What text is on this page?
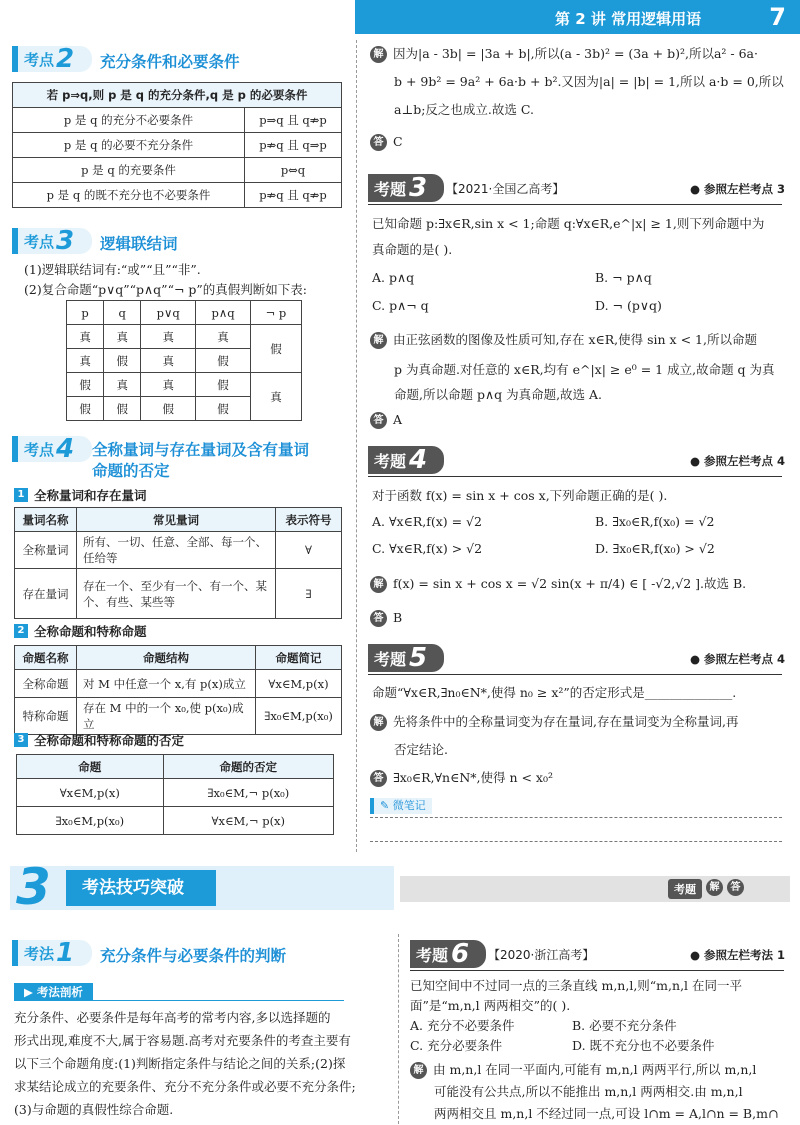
第 2 讲 常用逻辑用语	7
考点 2 充分条件和必要条件
若 p⇒q,则 p 是 q 的充分条件,q 是 p 的必要条件	
p 是 q 的充分不必要条件	p⇒q 且 q⇏p
p 是 q 的必要不充分条件	p⇏q 且 q⇒p
p 是 q 的充要条件	p⇔q
p 是 q 的既不充分也不必要条件	p⇏q 且 q⇏p
考点 3 逻辑联结词
(1)逻辑联结词有:“或”“且”“非”.
(2)复合命题“p∨q”“p∧q”“¬ p”的真假判断如下表:
p	q	p∨q	p∧q	¬ p
真	真	真	真	假
真	假	真	假	
假	真	真	假	真
假	假	假	假	
考点 4 全称量词与存在量词及含有量词
命题的否定
1 全称量词和存在量词
量词名称	常见量词	表示符号
全称量词	所有、一切、任意、全部、每一个、任给等	∀
存在量词	存在一个、至少有一个、有一个、某个、有些、某些等	∃
2 全称命题和特称命题
命题名称	命题结构	命题简记
全称命题	对 M 中任意一个 x,有 p(x)成立	∀x∈M,p(x)
特称命题	存在 M 中的一个 x₀,使 p(x₀)成立	∃x₀∈M,p(x₀)
3 全称命题和特称命题的否定
命题	命题的否定
∀x∈M,p(x)	∃x₀∈M,¬ p(x₀)
∃x₀∈M,p(x₀)	∀x∈M,¬ p(x)
解 因为|a - 3b| = |3a + b|,所以(a - 3b)² = (3a + b)²,所以a² - 6a·
b + 9b² = 9a² + 6a·b + b².又因为|a| = |b| = 1,所以 a·b = 0,所以
a⊥b;反之也成立.故选 C.
答 C
考题 3 【2021·全国乙高考】	● 参照左栏考点 3
已知命题 p:∃x∈R,sin x < 1;命题 q:∀x∈R,e^|x| ≥ 1,则下列命题中为
真命题的是( ).
A. p∧q	B. ¬ p∧q
C. p∧¬ q	D. ¬ (p∨q)
解 由正弦函数的图像及性质可知,存在 x∈R,使得 sin x < 1,所以命题
p 为真命题.对任意的 x∈R,均有 e^|x| ≥ e⁰ = 1 成立,故命题 q 为真
命题,所以命题 p∧q 为真命题,故选 A.
答 A
考题 4	● 参照左栏考点 4
对于函数 f(x) = sin x + cos x,下列命题正确的是( ).
A. ∀x∈R,f(x) = √2	B. ∃x₀∈R,f(x₀) = √2
C. ∀x∈R,f(x) > √2	D. ∃x₀∈R,f(x₀) > √2
解 f(x) = sin x + cos x = √2 sin(x + π/4) ∈ [ -√2,√2 ].故选 B.
答 B
考题 5	● 参照左栏考点 4
命题“∀x∈R,∃n₀∈N*,使得 n₀ ≥ x²”的否定形式是______________.
解 先将条件中的全称量词变为存在量词,存在量词变为全称量词,再
否定结论.
答 ∃x₀∈R,∀n∈N*,使得 n < x₀²
✎ 微笔记
3	考法技巧突破	考题	解	答
考法 1 充分条件与必要条件的判断
▶ 考法剖析
充分条件、必要条件是每年高考的常考内容,多以选择题的
形式出现,难度不大,属于容易题.高考对充要条件的考查主要有
以下三个命题角度:(1)判断指定条件与结论之间的关系;(2)探
求某结论成立的充要条件、充分不充分条件或必要不充分条件;
(3)与命题的真假性综合命题.
考题 6 【2020·浙江高考】	● 参照左栏考法 1
已知空间中不过同一点的三条直线 m,n,l,则“m,n,l 在同一平
面”是“m,n,l 两两相交”的( ).
A. 充分不必要条件	B. 必要不充分条件
C. 充分必要条件	D. 既不充分也不必要条件
解 由 m,n,l 在同一平面内,可能有 m,n,l 两两平行,所以 m,n,l
可能没有公共点,所以不能推出 m,n,l 两两相交.由 m,n,l
两两相交且 m,n,l 不经过同一点,可设 l∩m = A,l∩n = B,m∩
